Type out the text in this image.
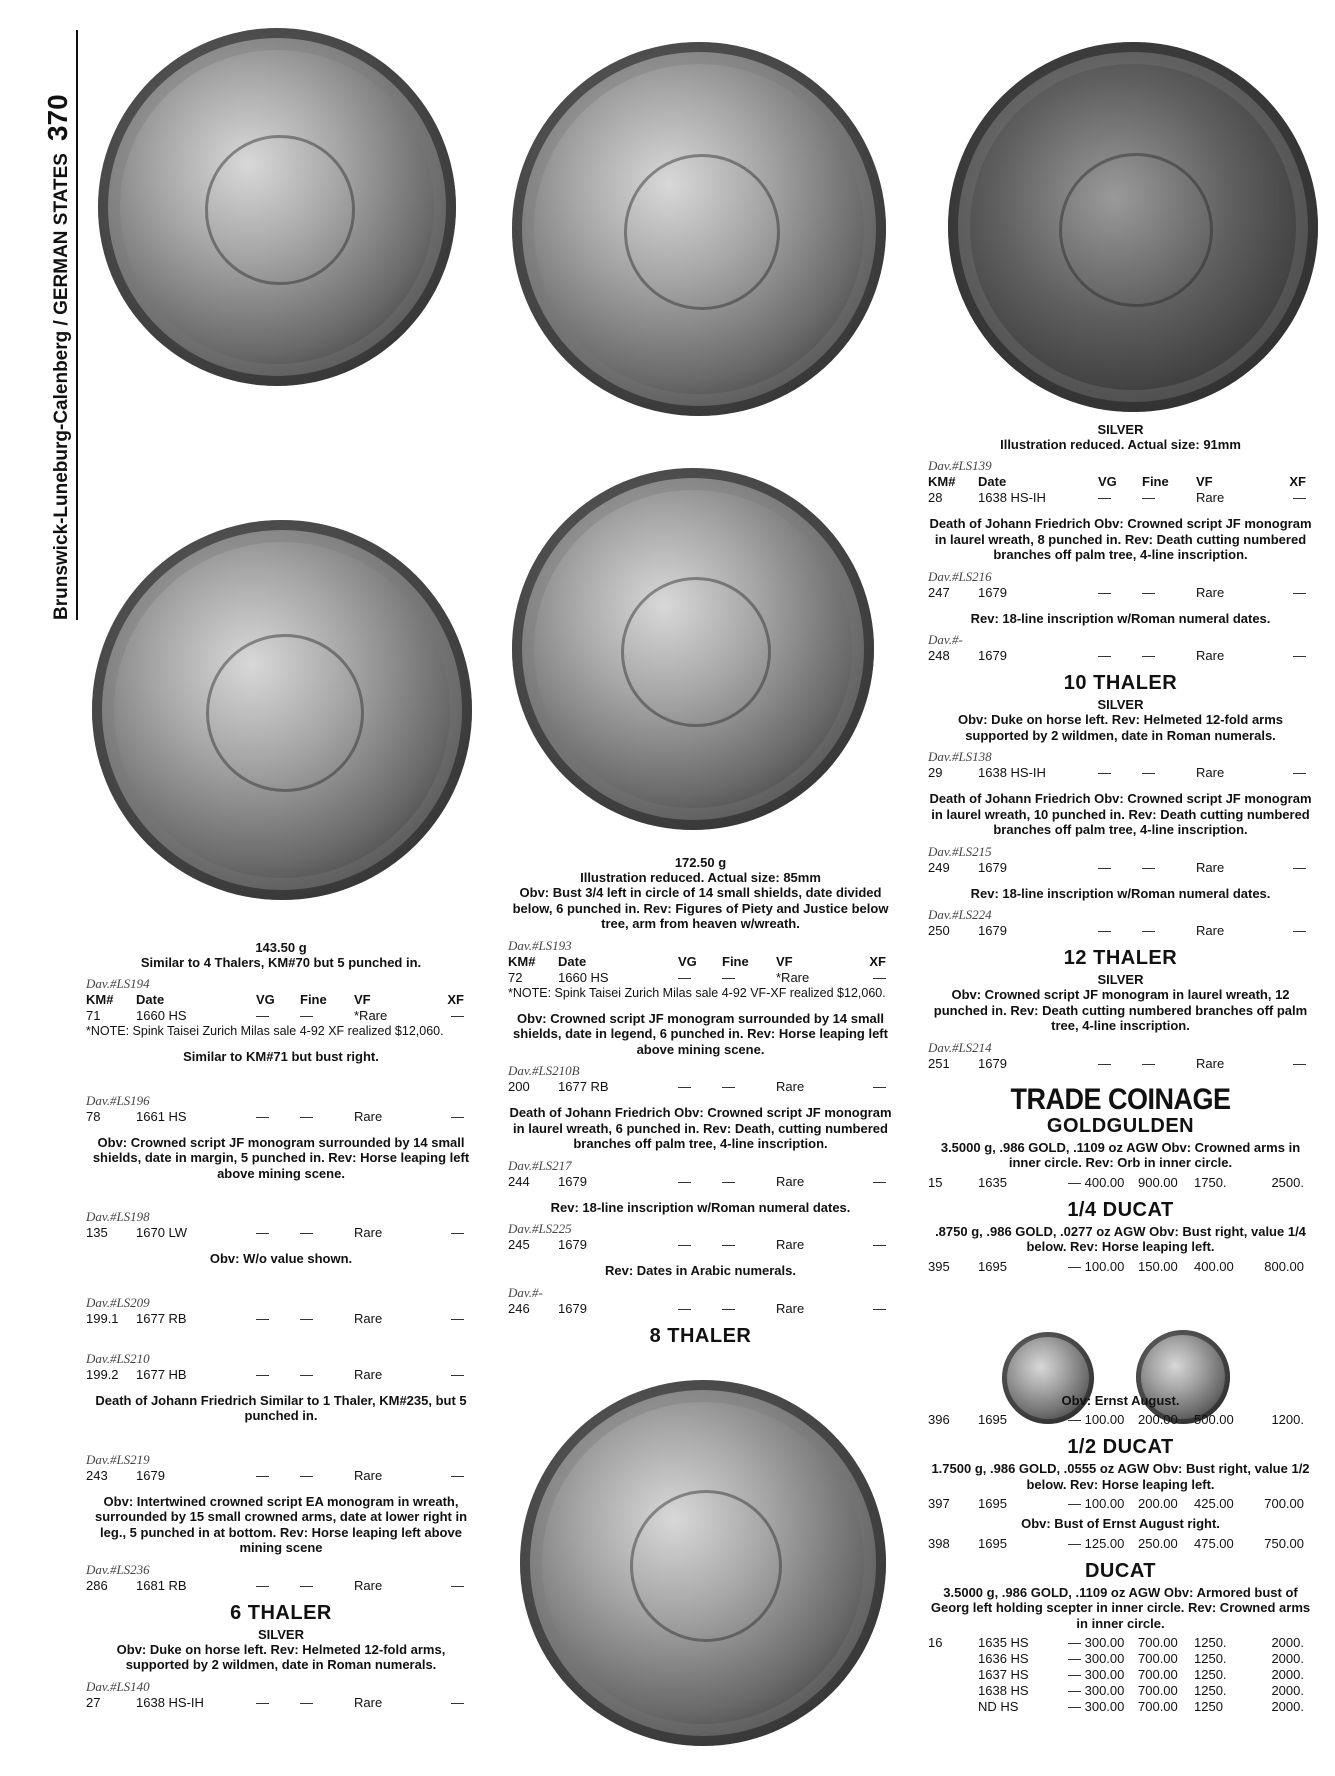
Brunswick-Luneburg-Calenberg / GERMAN STATES370
143.50 g
Similar to 4 Thalers, KM#70 but 5 punched in.
Dav.#LS194
KM#	Date	VG	Fine	VF	XF
71	1660 HS	—	—	*Rare	—
*NOTE: Spink Taisei Zurich Milas sale 4-92 XF realized $12,060.
Similar to KM#71 but bust right.
Dav.#LS196
78	1661 HS	—	—	Rare	—
Obv: Crowned script JF monogram surrounded by 14 small shields, date in margin, 5 punched in. Rev: Horse leaping left above mining scene.
Dav.#LS198
135	1670 LW	—	—	Rare	—
Obv: W/o value shown.
Dav.#LS209
199.1	1677 RB	—	—	Rare	—
Dav.#LS210
199.2	1677 HB	—	—	Rare	—
Death of Johann Friedrich Similar to 1 Thaler, KM#235, but 5 punched in.
Dav.#LS219
243	1679	—	—	Rare	—
Obv: Intertwined crowned script EA monogram in wreath, surrounded by 15 small crowned arms, date at lower right in leg., 5 punched in at bottom. Rev: Horse leaping left above mining scene
Dav.#LS236
286	1681 RB	—	—	Rare	—
6 THALER
SILVER
Obv: Duke on horse left. Rev: Helmeted 12-fold arms, supported by 2 wildmen, date in Roman numerals.
Dav.#LS140
27	1638 HS-IH	—	—	Rare	—
172.50 g
Illustration reduced. Actual size: 85mm
Obv: Bust 3/4 left in circle of 14 small shields, date divided below, 6 punched in. Rev: Figures of Piety and Justice below tree, arm from heaven w/wreath.
Dav.#LS193
KM#	Date	VG	Fine	VF	XF
72	1660 HS	—	—	*Rare	—
*NOTE: Spink Taisei Zurich Milas sale 4-92 VF-XF realized $12,060.
Obv: Crowned script JF monogram surrounded by 14 small shields, date in legend, 6 punched in. Rev: Horse leaping left above mining scene.
Dav.#LS210B
200	1677 RB	—	—	Rare	—
Death of Johann Friedrich Obv: Crowned script JF monogram in laurel wreath, 6 punched in. Rev: Death, cutting numbered branches off palm tree, 4-line inscription.
Dav.#LS217
244	1679	—	—	Rare	—
Rev: 18-line inscription w/Roman numeral dates.
Dav.#LS225
245	1679	—	—	Rare	—
Rev: Dates in Arabic numerals.
Dav.#-
246	1679	—	—	Rare	—
8 THALER
SILVER
Illustration reduced. Actual size: 91mm
Dav.#LS139
KM#	Date	VG	Fine	VF	XF
28	1638 HS-IH	—	—	Rare	—
Death of Johann Friedrich Obv: Crowned script JF monogram in laurel wreath, 8 punched in. Rev: Death cutting numbered branches off palm tree, 4-line inscription.
Dav.#LS216
247	1679	—	—	Rare	—
Rev: 18-line inscription w/Roman numeral dates.
Dav.#-
248	1679	—	—	Rare	—
10 THALER
SILVER
Obv: Duke on horse left. Rev: Helmeted 12-fold arms supported by 2 wildmen, date in Roman numerals.
Dav.#LS138
29	1638 HS-IH	—	—	Rare	—
Death of Johann Friedrich Obv: Crowned script JF monogram in laurel wreath, 10 punched in. Rev: Death cutting numbered branches off palm tree, 4-line inscription.
Dav.#LS215
249	1679	—	—	Rare	—
Rev: 18-line inscription w/Roman numeral dates.
Dav.#LS224
250	1679	—	—	Rare	—
12 THALER
SILVER
Obv: Crowned script JF monogram in laurel wreath, 12 punched in. Rev: Death cutting numbered branches off palm tree, 4-line inscription.
Dav.#LS214
251	1679	—	—	Rare	—
TRADE COINAGE
GOLDGULDEN
3.5000 g, .986 GOLD, .1109 oz AGW Obv: Crowned arms in inner circle. Rev: Orb in inner circle.
15	1635	— 400.00	900.00	1750.	2500.
1/4 DUCAT
.8750 g, .986 GOLD, .0277 oz AGW Obv: Bust right, value 1/4 below. Rev: Horse leaping left.
395	1695	— 100.00	150.00	400.00	800.00
Obv: Ernst August.
396	1695	— 100.00	200.00	500.00	1200.
1/2 DUCAT
1.7500 g, .986 GOLD, .0555 oz AGW Obv: Bust right, value 1/2 below. Rev: Horse leaping left.
397	1695	— 100.00	200.00	425.00	700.00
Obv: Bust of Ernst August right.
398	1695	— 125.00	250.00	475.00	750.00
DUCAT
3.5000 g, .986 GOLD, .1109 oz AGW Obv: Armored bust of Georg left holding scepter in inner circle. Rev: Crowned arms in inner circle.
16	1635 HS	— 300.00	700.00	1250.	2000.
1636 HS	— 300.00	700.00	1250.	2000.
1637 HS	— 300.00	700.00	1250.	2000.
1638 HS	— 300.00	700.00	1250.	2000.
ND HS	— 300.00	700.00	1250	2000.
